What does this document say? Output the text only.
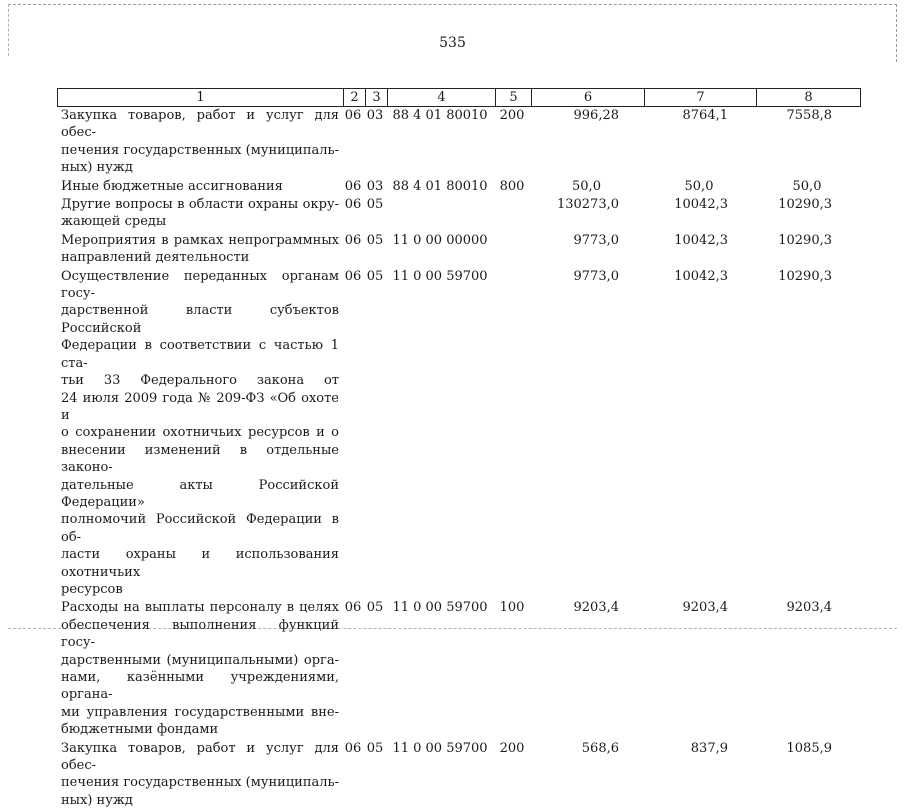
535
1	2	3	4	5	6	7	8
Закупка товаров, работ и услуг для обес-
печения государственных (муниципаль-
ных) нужд
06 03 88 4 01 80010 200	996,28	8764,1	7558,8
Иные бюджетные ассигнования	06 03 88 4 01 80010 800	50,0	50,0	50,0
Другие вопросы в области охраны окру-
жающей среды
06 05	130273,0	10042,3	10290,3
Мероприятия в рамках непрограммных
направлений деятельности
06 05 11 0 00 00000	9773,0	10042,3	10290,3
Осуществление переданных органам госу-
дарственной власти субъектов Российской
Федерации в соответствии с частью 1 ста-
тьи 33 Федерального закона от
24 июля 2009 года № 209-ФЗ «Об охоте и
о сохранении охотничьих ресурсов и о
внесении изменений в отдельные законо-
дательные акты Российской Федерации»
полномочий Российской Федерации в об-
ласти охраны и использования охотничьих
ресурсов
06 05 11 0 00 59700	9773,0	10042,3	10290,3
Расходы на выплаты персоналу в целях
обеспечения выполнения функций госу-
дарственными (муниципальными) орга-
нами, казёнными учреждениями, органа-
ми управления государственными вне-
бюджетными фондами
06 05 11 0 00 59700 100	9203,4	9203,4	9203,4
Закупка товаров, работ и услуг для обес-
печения государственных (муниципаль-
ных) нужд
06 05 11 0 00 59700 200	568,6	837,9	1085,9
